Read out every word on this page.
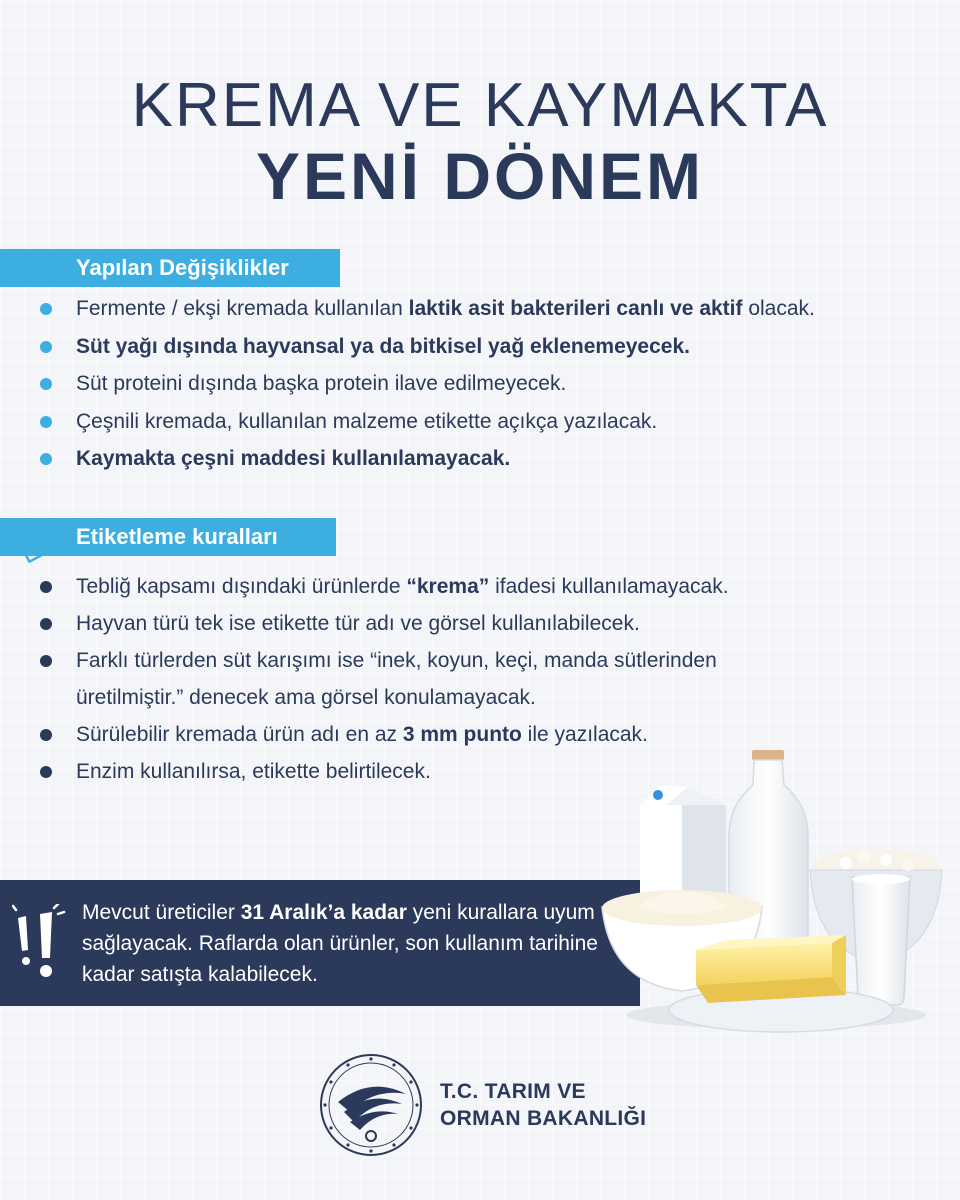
KREMA VE KAYMAKTA
YENİ DÖNEM
Yapılan Değişiklikler
Fermente / ekşi kremada kullanılan laktik asit bakterileri canlı ve aktif olacak.
Süt yağı dışında hayvansal ya da bitkisel yağ eklenemeyecek.
Süt proteini dışında başka protein ilave edilmeyecek.
Çeşnili kremada, kullanılan malzeme etikette açıkça yazılacak.
Kaymakta çeşni maddesi kullanılamayacak.
Etiketleme kuralları
Tebliğ kapsamı dışındaki ürünlerde “krema” ifadesi kullanılamayacak.
Hayvan türü tek ise etikette tür adı ve görsel kullanılabilecek.
Farklı türlerden süt karışımı ise “inek, koyun, keçi, manda sütlerinden
üretilmiştir.” denecek ama görsel konulamayacak.
Sürülebilir kremada ürün adı en az 3 mm punto ile yazılacak.
Enzim kullanılırsa, etikette belirtilecek.
Mevcut üreticiler 31 Aralık’a kadar yeni kurallara uyum sağlayacak. Raflarda olan ürünler, son kullanım tarihine kadar satışta kalabilecek.
T.C. TARIM VE
ORMAN BAKANLIĞI
